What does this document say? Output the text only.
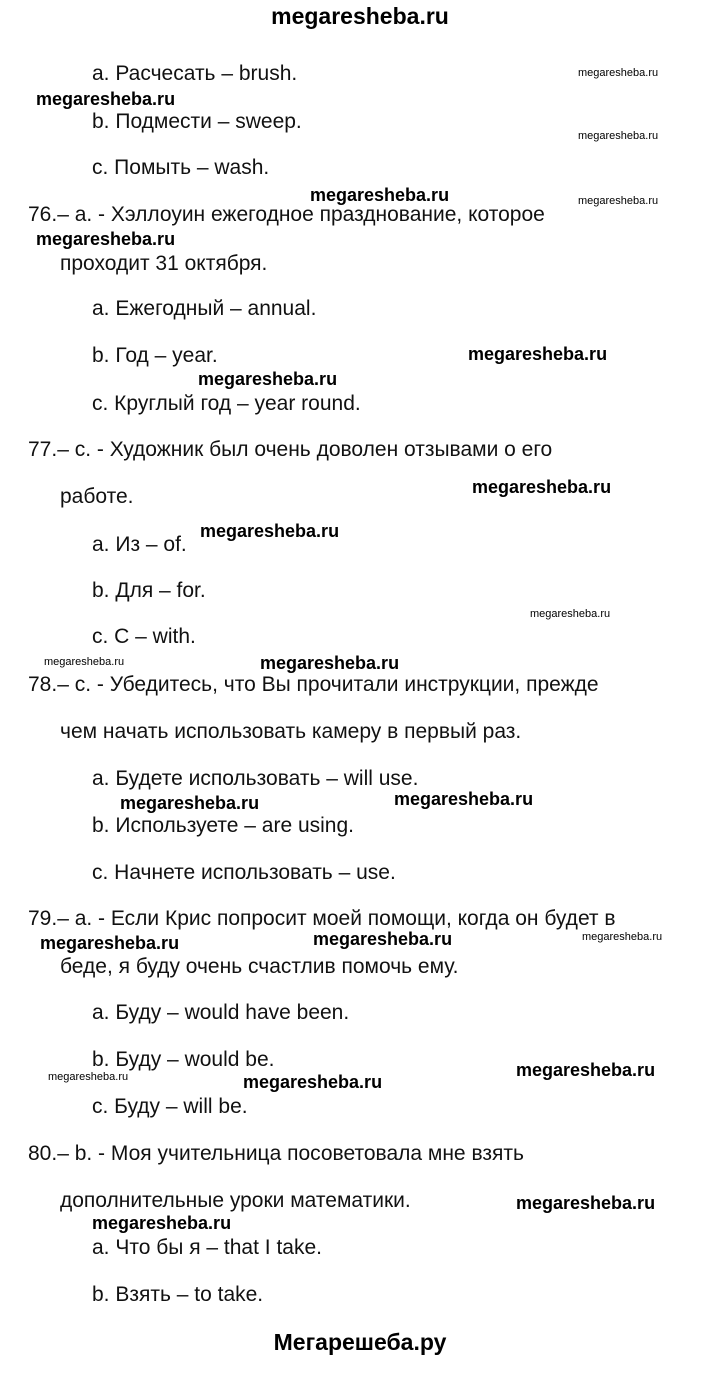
megaresheba.ru
a. Расчесать – brush.
b. Подмести – sweep.
c. Помыть – wash.
76.– a. - Хэллоуин ежегодное празднование, которое
проходит 31 октября.
a. Ежегодный – annual.
b. Год – year.
c. Круглый год – year round.
77.– c. - Художник был очень доволен отзывами о его
работе.
a. Из – of.
b. Для – for.
c. С – with.
78.– c. - Убедитесь, что Вы прочитали инструкции, прежде
чем начать использовать камеру в первый раз.
a. Будете использовать – will use.
b. Используете – are using.
c. Начнете использовать – use.
79.– a. - Если Крис попросит моей помощи, когда он будет в
беде, я буду очень счастлив помочь ему.
a. Буду – would have been.
b. Буду – would be.
c. Буду – will be.
80.– b. - Моя учительница посоветовала мне взять
дополнительные уроки математики.
a. Что бы я – that I take.
b. Взять – to take.
megaresheba.ru
megaresheba.ru
megaresheba.ru
megaresheba.ru	megaresheba.ru
megaresheba.ru
megaresheba.ru
megaresheba.ru
megaresheba.ru
megaresheba.ru
megaresheba.ru
megaresheba.ru	megaresheba.ru
megaresheba.ru	megaresheba.ru
megaresheba.ru	megaresheba.ru	megaresheba.ru
megaresheba.ru	megaresheba.ru
megaresheba.ru
megaresheba.ru
megaresheba.ru
Мегарешеба.ру
